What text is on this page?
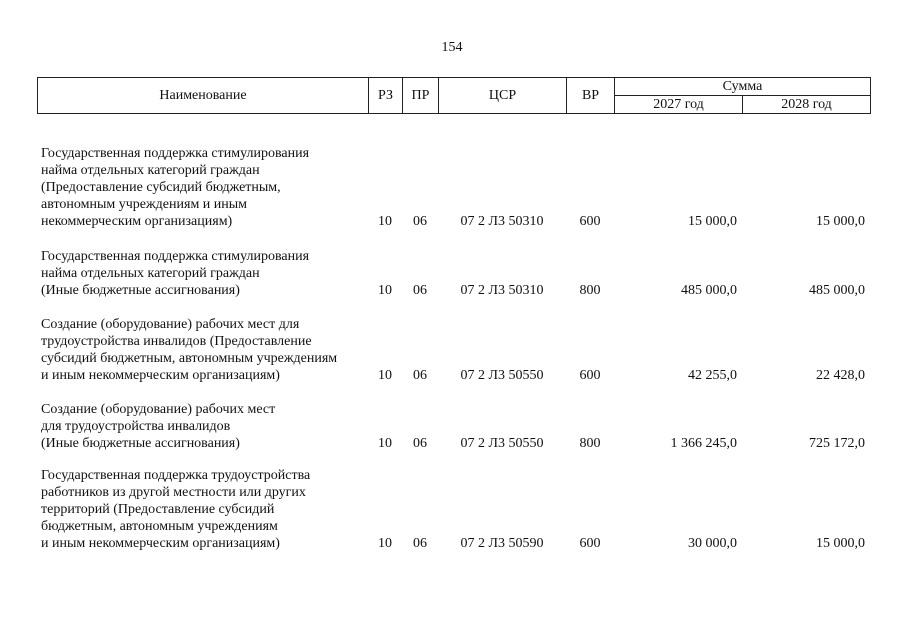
154
Наименование	РЗ	ПР	ЦСР	ВР	Сумма	
					2027 год	2028 год
Государственная поддержка стимулирования
найма отдельных категорий граждан
(Предоставление субсидий бюджетным,
автономным учреждениям и иным
некоммерческим организациям)	10	06	07 2 Л3 50310	600	15 000,0	15 000,0
Государственная поддержка стимулирования
найма отдельных категорий граждан
(Иные бюджетные ассигнования)	10	06	07 2 Л3 50310	800	485 000,0	485 000,0
Создание (оборудование) рабочих мест для
трудоустройства инвалидов (Предоставление
субсидий бюджетным, автономным учреждениям
и иным некоммерческим организациям)	10	06	07 2 Л3 50550	600	42 255,0	22 428,0
Создание (оборудование) рабочих мест
для трудоустройства инвалидов
(Иные бюджетные ассигнования)	10	06	07 2 Л3 50550	800	1 366 245,0	725 172,0
Государственная поддержка трудоустройства
работников из другой местности или других
территорий (Предоставление субсидий
бюджетным, автономным учреждениям
и иным некоммерческим организациям)	10	06	07 2 Л3 50590	600	30 000,0	15 000,0
